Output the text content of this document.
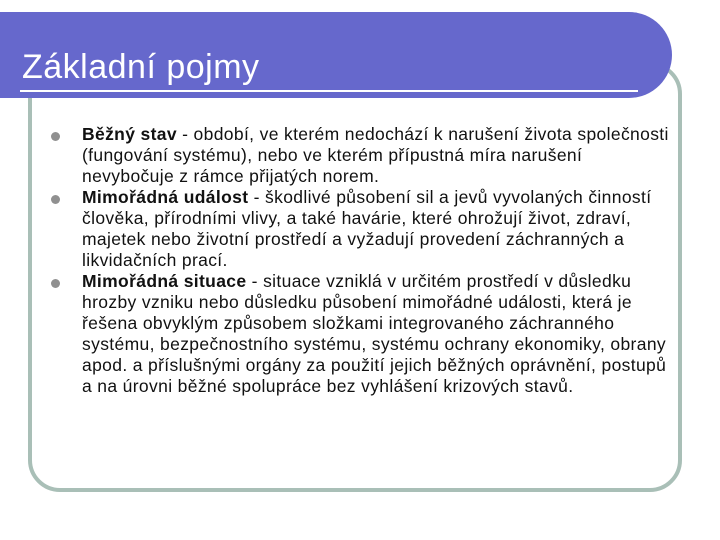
Základní pojmy
Běžný stav - období, ve kterém nedochází k narušení života společnosti (fungování systému), nebo ve kterém přípustná míra narušení nevybočuje z rámce přijatých norem.
Mimořádná událost - škodlivé působení sil a jevů vyvolaných činností člověka, přírodními vlivy, a také havárie, které ohrožují život, zdraví, majetek nebo životní prostředí a vyžadují provedení záchranných a likvidačních prací.
Mimořádná situace - situace vzniklá v určitém prostředí v důsledku hrozby vzniku nebo důsledku působení mimořádné události, která je řešena obvyklým způsobem složkami integrovaného záchranného systému, bezpečnostního systému, systému ochrany ekonomiky, obrany apod. a příslušnými orgány za použití jejich běžných oprávnění, postupů a na úrovni běžné spolupráce bez vyhlášení krizových stavů.
